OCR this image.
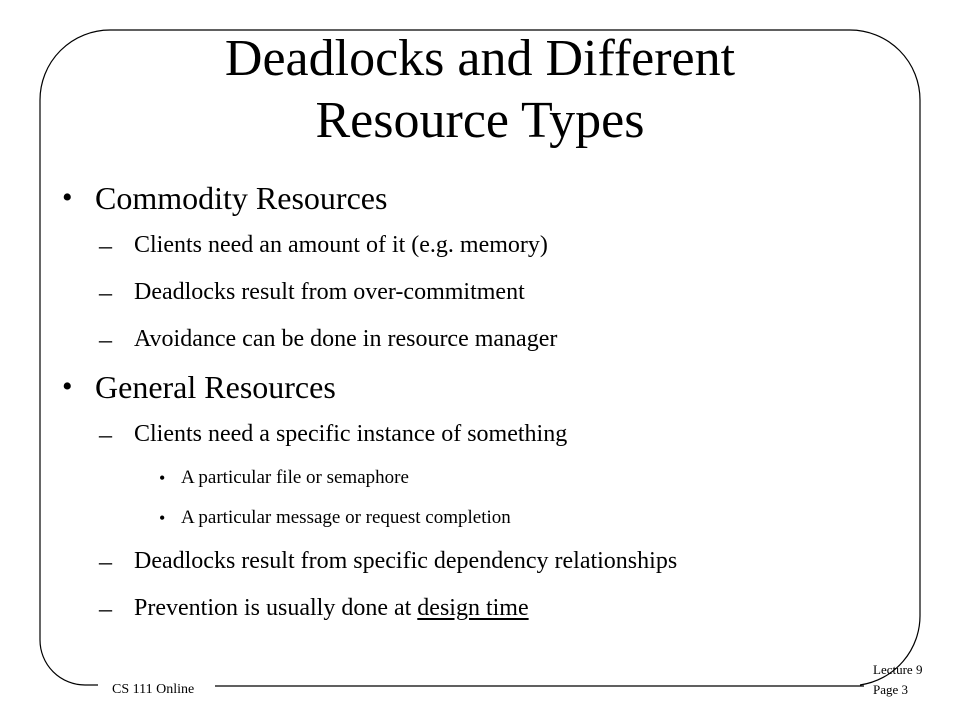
Deadlocks and Different
Resource Types
• Commodity Resources
– Clients need an amount of it (e.g. memory)
– Deadlocks result from over-commitment
– Avoidance can be done in resource manager
• General Resources
– Clients need a specific instance of something
• A particular file or semaphore
• A particular message or request completion
– Deadlocks result from specific dependency relationships
– Prevention is usually done at design time
CS 111 Online
Lecture 9
Page 3
